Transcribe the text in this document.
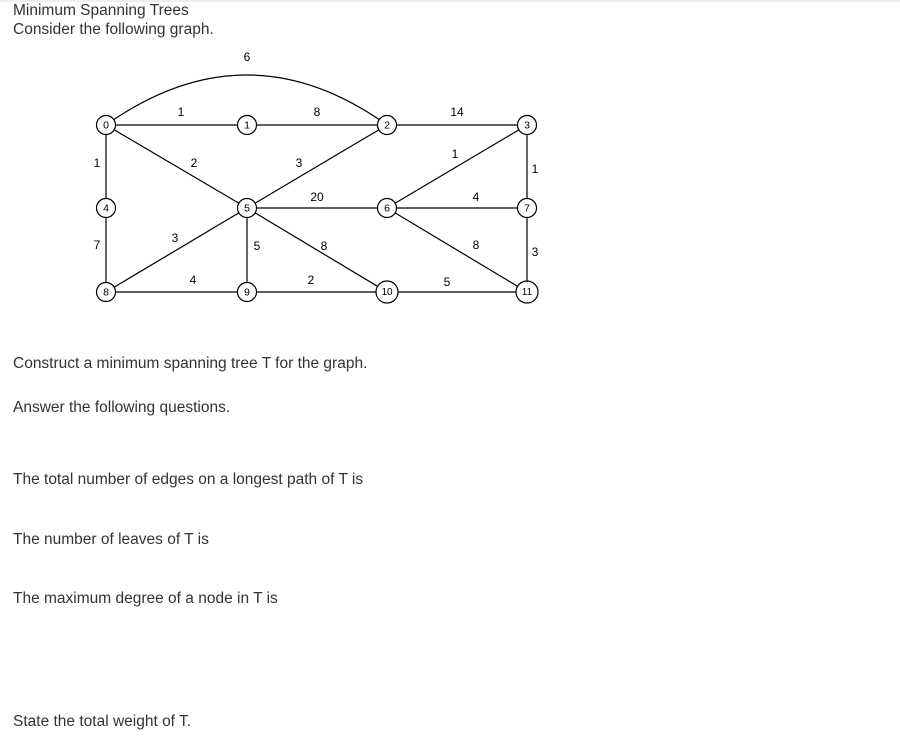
Minimum Spanning Trees
Consider the following graph.
6
1	8	14
1	2	3
1
1
20	4
7	3
5	8	8	3
4	2	5
0	1	2	3
4	5	6	7
8	9	10	11
Construct a minimum spanning tree T for the graph.
Answer the following questions.
The total number of edges on a longest path of T is
The number of leaves of T is
The maximum degree of a node in T is
State the total weight of T.
